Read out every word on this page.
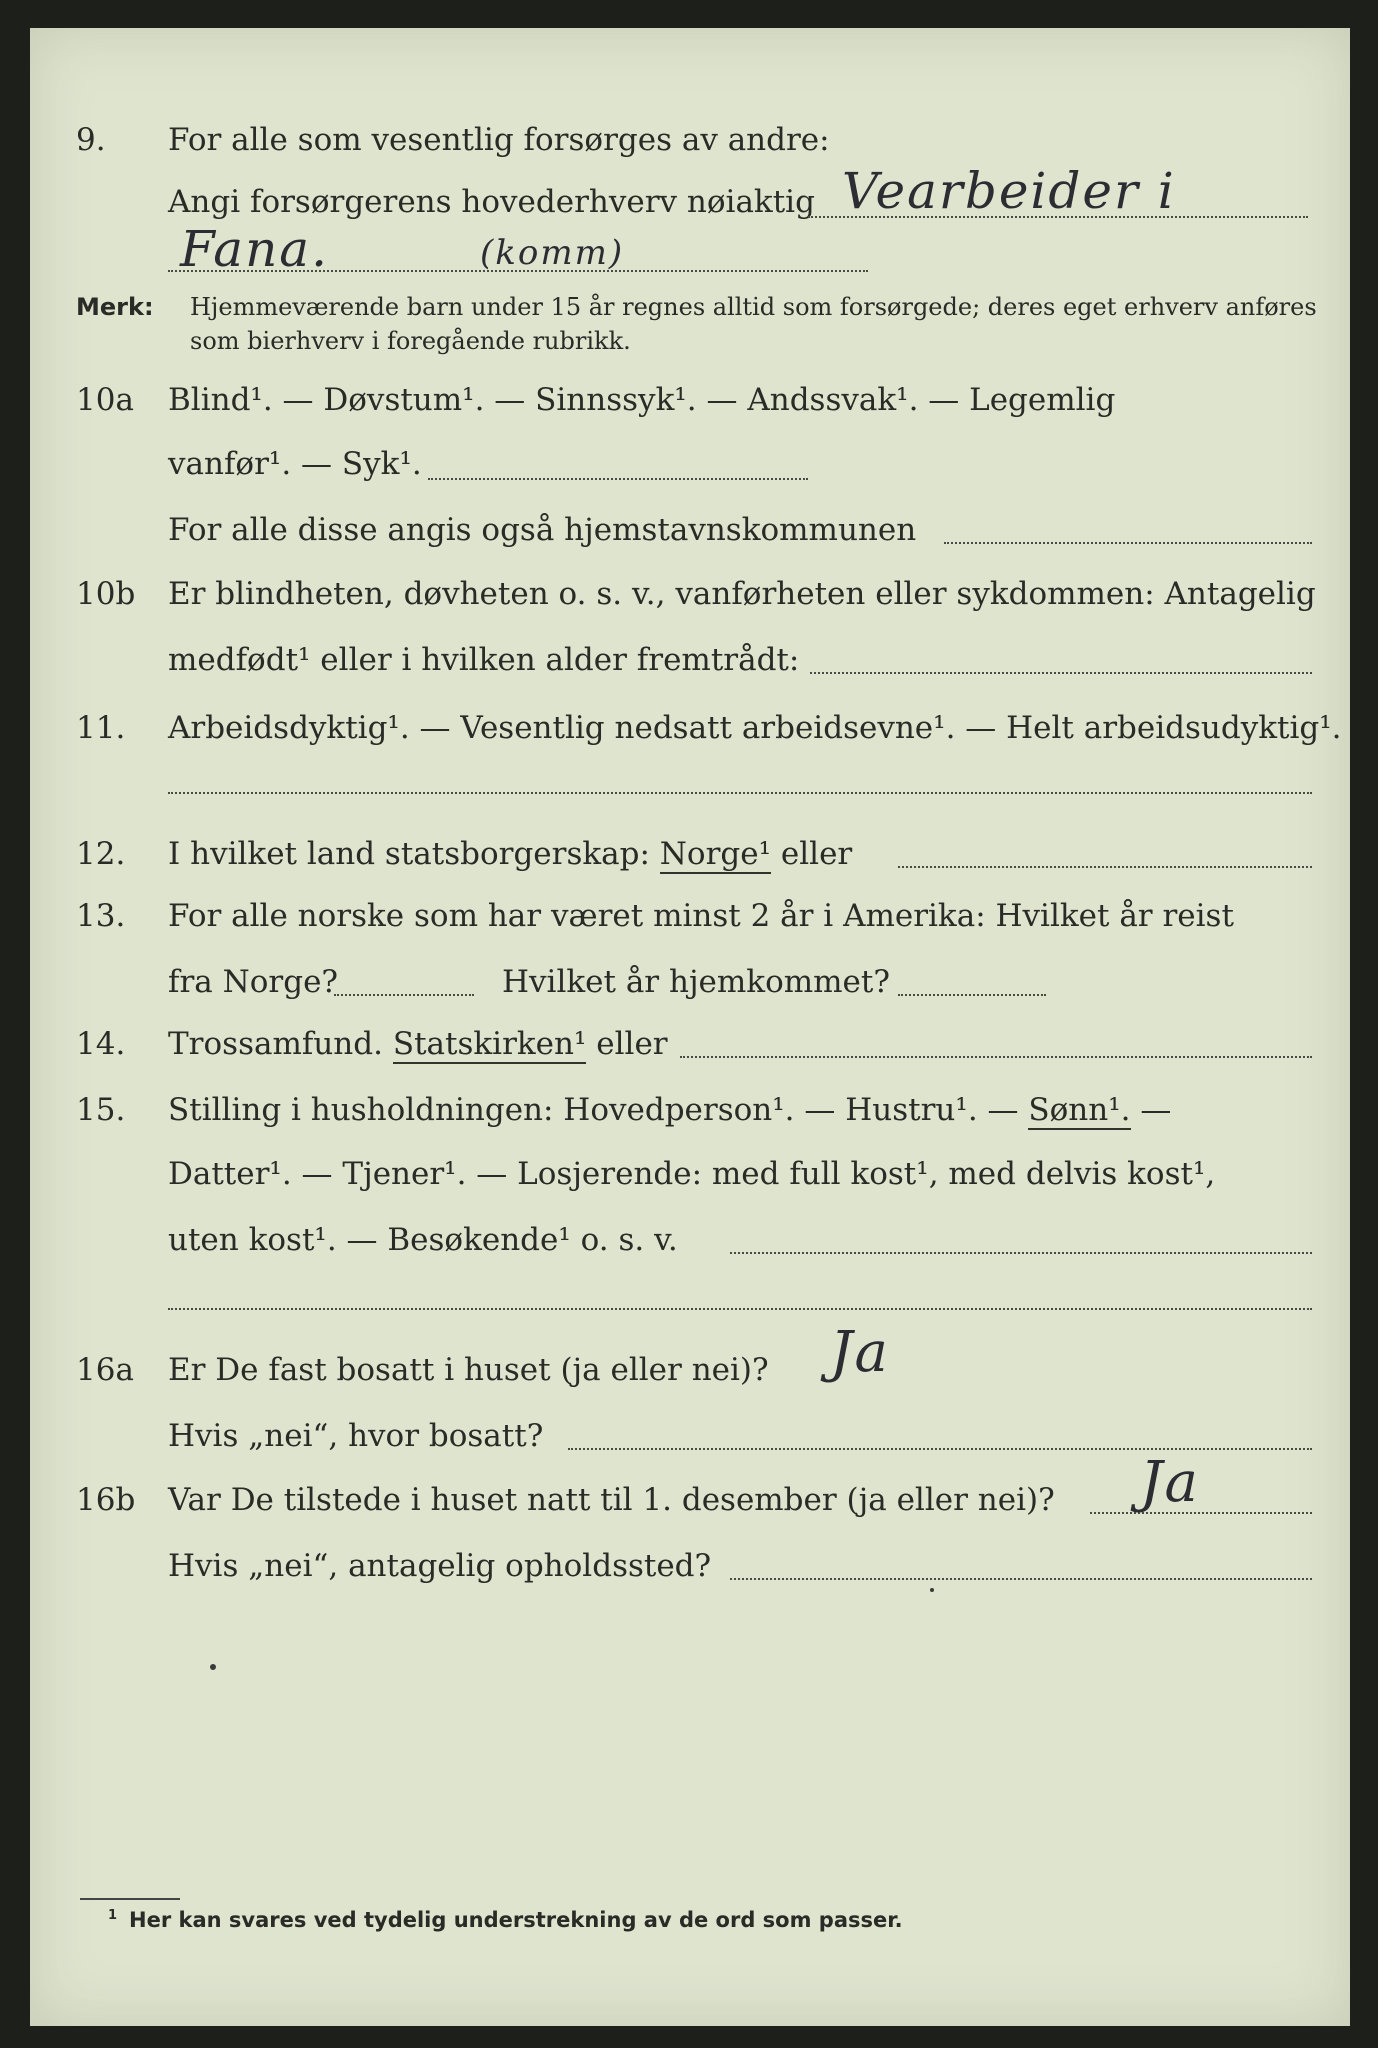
9. For alle som vesentlig forsørges av andre:
Angi forsørgerens hovederhverv nøiaktig Vearbeider i
Fana.	(komm)
Merk: Hjemmeværende barn under 15 år regnes alltid som forsørgede; deres eget erhverv anføres som bierhverv i foregående rubrikk.
10a Blind¹. — Døvstum¹. — Sinnssyk¹. — Andssvak¹. — Legemlig
vanfør¹. — Syk¹.
For alle disse angis også hjemstavnskommunen
10b Er blindheten, døvheten o. s. v., vanførheten eller sykdommen: Antagelig
medfødt¹ eller i hvilken alder fremtrådt:
11. Arbeidsdyktig¹. — Vesentlig nedsatt arbeidsevne¹. — Helt arbeidsudyktig¹.
12. I hvilket land statsborgerskap: Norge¹ eller
13. For alle norske som har været minst 2 år i Amerika: Hvilket år reist
fra Norge?	Hvilket år hjemkommet?
14. Trossamfund. Statskirken¹ eller
15. Stilling i husholdningen: Hovedperson¹. — Hustru¹. — Sønn¹. —
Datter¹. — Tjener¹. — Losjerende: med full kost¹, med delvis kost¹,
uten kost¹. — Besøkende¹ o. s. v.
16a Er De fast bosatt i huset (ja eller nei)? Ja
Hvis „nei“, hvor bosatt?
16b Var De tilstede i huset natt til 1. desember (ja eller nei)? Ja
Hvis „nei“, antagelig opholdssted?
$^1$ Her kan svares ved tydelig understrekning av de ord som passer.
